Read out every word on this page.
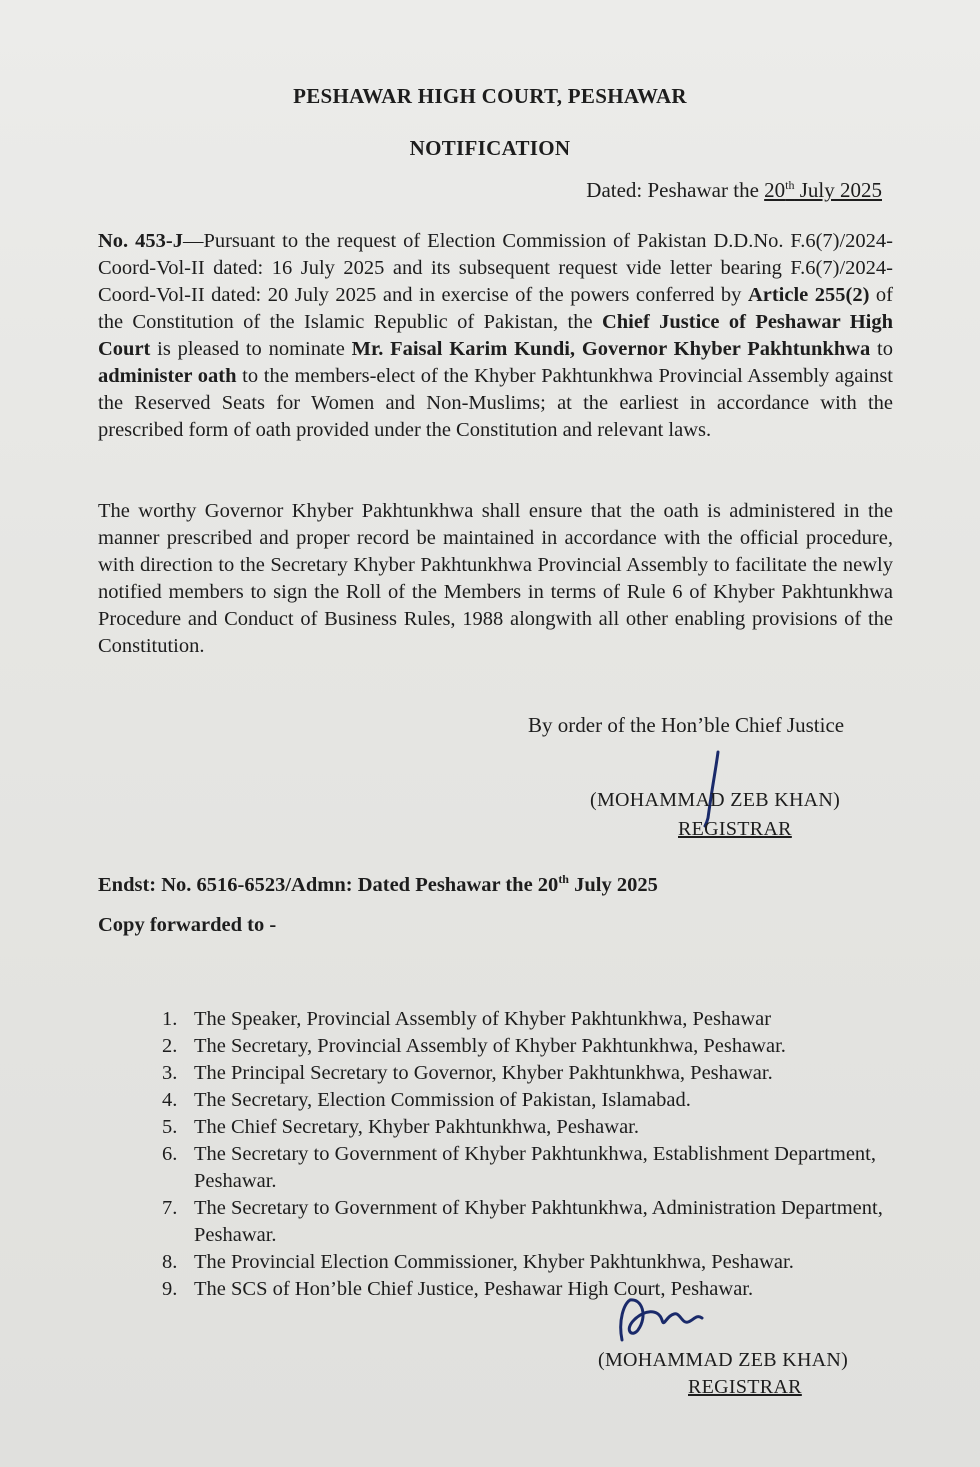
PESHAWAR HIGH COURT, PESHAWAR
NOTIFICATION
Dated: Peshawar the 20th July 2025
No. 453-J—Pursuant to the request of Election Commission of Pakistan D.D.No. F.6(7)/2024-Coord-Vol-II dated: 16 July 2025 and its subsequent request vide letter bearing F.6(7)/2024-Coord-Vol-II dated: 20 July 2025 and in exercise of the powers conferred by Article 255(2) of the Constitution of the Islamic Republic of Pakistan, the Chief Justice of Peshawar High Court is pleased to nominate Mr. Faisal Karim Kundi, Governor Khyber Pakhtunkhwa to administer oath to the members-elect of the Khyber Pakhtunkhwa Provincial Assembly against the Reserved Seats for Women and Non-Muslims; at the earliest in accordance with the prescribed form of oath provided under the Constitution and relevant laws.
The worthy Governor Khyber Pakhtunkhwa shall ensure that the oath is administered in the manner prescribed and proper record be maintained in accordance with the official procedure, with direction to the Secretary Khyber Pakhtunkhwa Provincial Assembly to facilitate the newly notified members to sign the Roll of the Members in terms of Rule 6 of Khyber Pakhtunkhwa Procedure and Conduct of Business Rules, 1988 alongwith all other enabling provisions of the Constitution.
By order of the Hon’ble Chief Justice
(MOHAMMAD ZEB KHAN)
REGISTRAR
Endst: No. 6516-6523/Admn: Dated Peshawar the 20th July 2025
Copy forwarded to -
1. The Speaker, Provincial Assembly of Khyber Pakhtunkhwa, Peshawar
2. The Secretary, Provincial Assembly of Khyber Pakhtunkhwa, Peshawar.
3. The Principal Secretary to Governor, Khyber Pakhtunkhwa, Peshawar.
4. The Secretary, Election Commission of Pakistan, Islamabad.
5. The Chief Secretary, Khyber Pakhtunkhwa, Peshawar.
6. The Secretary to Government of Khyber Pakhtunkhwa, Establishment Department, Peshawar.
7. The Secretary to Government of Khyber Pakhtunkhwa, Administration Department, Peshawar.
8. The Provincial Election Commissioner, Khyber Pakhtunkhwa, Peshawar.
9. The SCS of Hon’ble Chief Justice, Peshawar High Court, Peshawar.
(MOHAMMAD ZEB KHAN)
REGISTRAR
